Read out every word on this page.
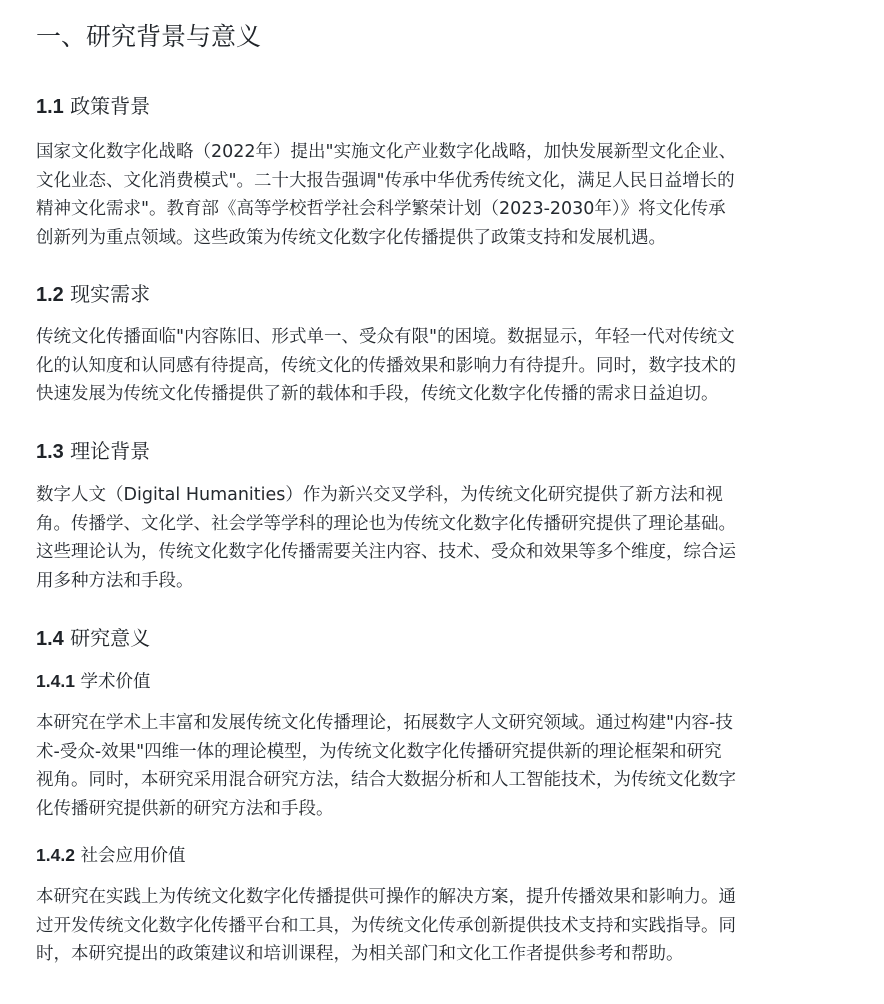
一、研究背景与意义
1.1 政策背景

国家文化数字化战略（2022年）提出"实施文化产业数字化战略，加快发展新型文化企业、
文化业态、文化消费模式"。二十大报告强调"传承中华优秀传统文化，满足人民日益增长的
精神文化需求"。教育部《高等学校哲学社会科学繁荣计划（2023-2030年）》将文化传承
创新列为重点领域。这些政策为传统文化数字化传播提供了政策支持和发展机遇。

1.2 现实需求

传统文化传播面临"内容陈旧、形式单一、受众有限"的困境。数据显示，年轻一代对传统文
化的认知度和认同感有待提高，传统文化的传播效果和影响力有待提升。同时，数字技术的
快速发展为传统文化传播提供了新的载体和手段，传统文化数字化传播的需求日益迫切。

1.3 理论背景

数字人文（Digital Humanities）作为新兴交叉学科，为传统文化研究提供了新方法和视
角。传播学、文化学、社会学等学科的理论也为传统文化数字化传播研究提供了理论基础。
这些理论认为，传统文化数字化传播需要关注内容、技术、受众和效果等多个维度，综合运
用多种方法和手段。

1.4 研究意义
1.4.1 学术价值

本研究在学术上丰富和发展传统文化传播理论，拓展数字人文研究领域。通过构建"内容-技
术-受众-效果"四维一体的理论模型，为传统文化数字化传播研究提供新的理论框架和研究
视角。同时，本研究采用混合研究方法，结合大数据分析和人工智能技术，为传统文化数字
化传播研究提供新的研究方法和手段。

1.4.2 社会应用价值

本研究在实践上为传统文化数字化传播提供可操作的解决方案，提升传播效果和影响力。通
过开发传统文化数字化传播平台和工具，为传统文化传承创新提供技术支持和实践指导。同
时，本研究提出的政策建议和培训课程，为相关部门和文化工作者提供参考和帮助。
